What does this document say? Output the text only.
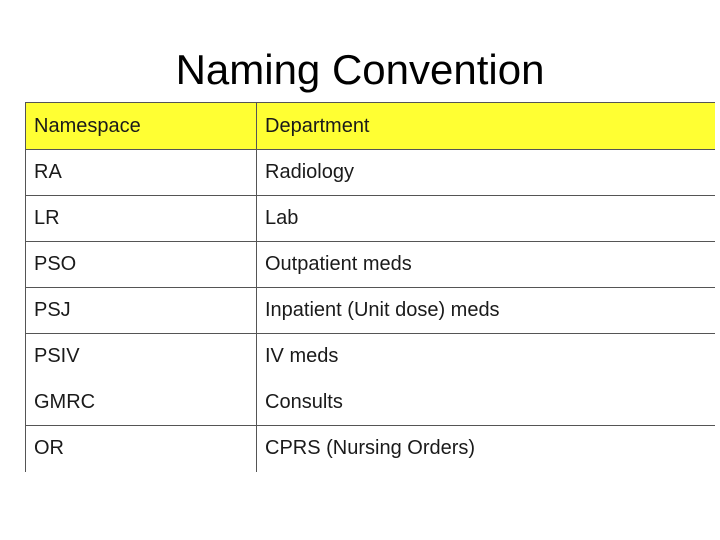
Naming Convention
Namespace	Department
RA	Radiology
LR	Lab
PSO	Outpatient meds
PSJ	Inpatient (Unit dose) meds
PSIV	IV meds
GMRC	Consults
OR	CPRS (Nursing Orders)
